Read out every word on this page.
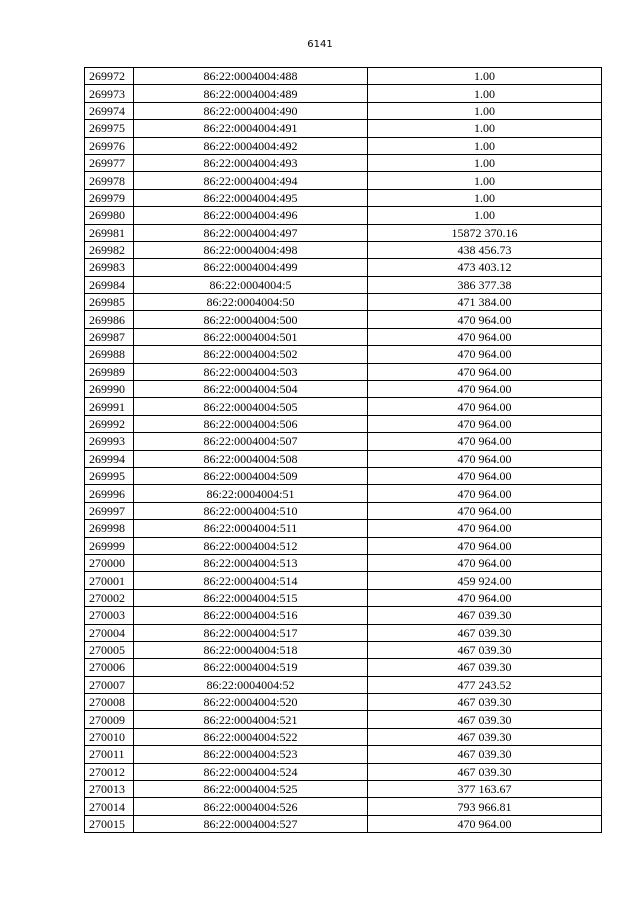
6141
269972	86:22:0004004:488	1.00
269973	86:22:0004004:489	1.00
269974	86:22:0004004:490	1.00
269975	86:22:0004004:491	1.00
269976	86:22:0004004:492	1.00
269977	86:22:0004004:493	1.00
269978	86:22:0004004:494	1.00
269979	86:22:0004004:495	1.00
269980	86:22:0004004:496	1.00
269981	86:22:0004004:497	15872 370.16
269982	86:22:0004004:498	438 456.73
269983	86:22:0004004:499	473 403.12
269984	86:22:0004004:5	386 377.38
269985	86:22:0004004:50	471 384.00
269986	86:22:0004004:500	470 964.00
269987	86:22:0004004:501	470 964.00
269988	86:22:0004004:502	470 964.00
269989	86:22:0004004:503	470 964.00
269990	86:22:0004004:504	470 964.00
269991	86:22:0004004:505	470 964.00
269992	86:22:0004004:506	470 964.00
269993	86:22:0004004:507	470 964.00
269994	86:22:0004004:508	470 964.00
269995	86:22:0004004:509	470 964.00
269996	86:22:0004004:51	470 964.00
269997	86:22:0004004:510	470 964.00
269998	86:22:0004004:511	470 964.00
269999	86:22:0004004:512	470 964.00
270000	86:22:0004004:513	470 964.00
270001	86:22:0004004:514	459 924.00
270002	86:22:0004004:515	470 964.00
270003	86:22:0004004:516	467 039.30
270004	86:22:0004004:517	467 039.30
270005	86:22:0004004:518	467 039.30
270006	86:22:0004004:519	467 039.30
270007	86:22:0004004:52	477 243.52
270008	86:22:0004004:520	467 039.30
270009	86:22:0004004:521	467 039.30
270010	86:22:0004004:522	467 039.30
270011	86:22:0004004:523	467 039.30
270012	86:22:0004004:524	467 039.30
270013	86:22:0004004:525	377 163.67
270014	86:22:0004004:526	793 966.81
270015	86:22:0004004:527	470 964.00
